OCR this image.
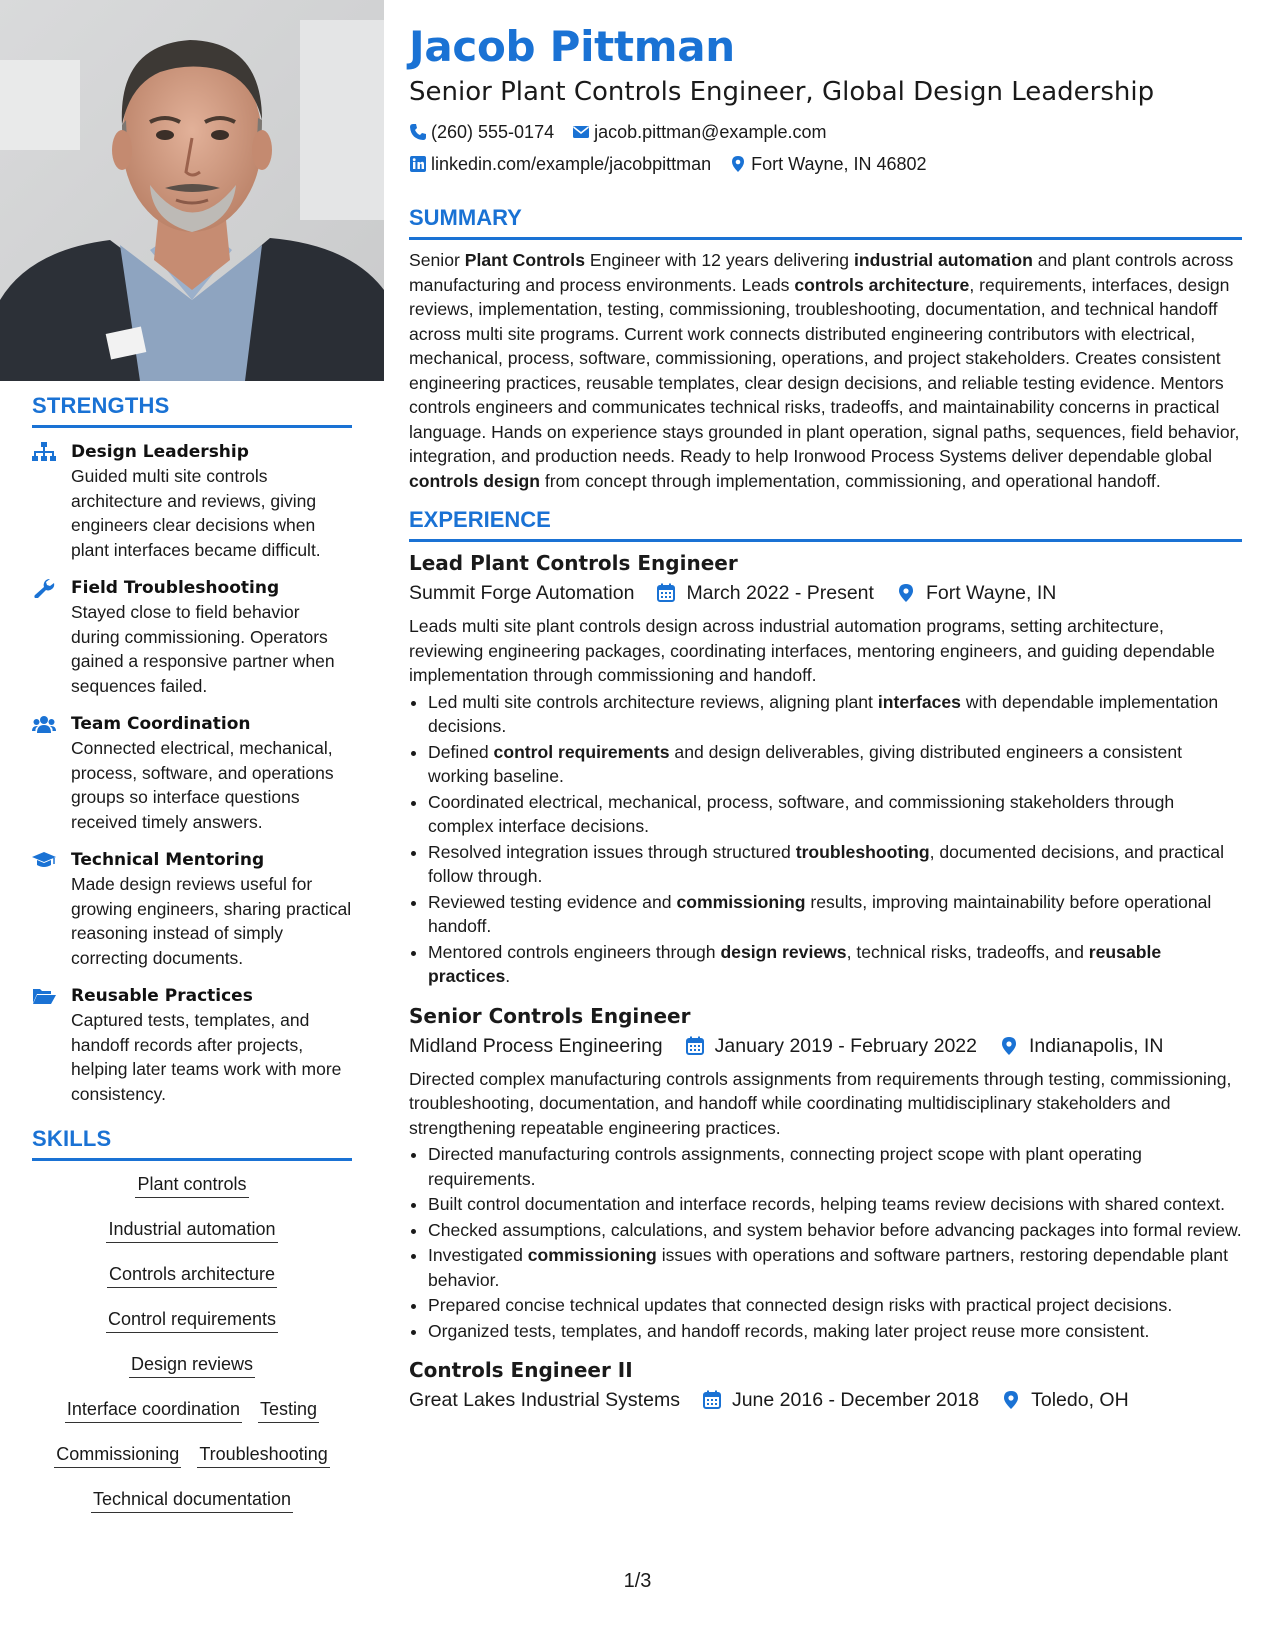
STRENGTHS
Design Leadership
Guided multi site controls architecture and reviews, giving engineers clear decisions when plant interfaces became difficult.
Field Troubleshooting
Stayed close to field behavior during commissioning. Operators gained a responsive partner when sequences failed.
Team Coordination
Connected electrical, mechanical, process, software, and operations groups so interface questions received timely answers.
Technical Mentoring
Made design reviews useful for growing engineers, sharing practical reasoning instead of simply correcting documents.
Reusable Practices
Captured tests, templates, and handoff records after projects, helping later teams work with more consistency.
SKILLS
Plant controls
Industrial automation
Controls architecture
Control requirements
Design reviews
Interface coordination Testing
Commissioning Troubleshooting
Technical documentation
Jacob Pittman
Senior Plant Controls Engineer, Global Design Leadership
(260) 555-0174 jacob.pittman@example.com
linkedin.com/example/jacobpittman Fort Wayne, IN 46802
SUMMARY
Senior Plant Controls Engineer with 12 years delivering industrial automation and plant controls across manufacturing and process environments. Leads controls architecture, requirements, interfaces, design reviews, implementation, testing, commissioning, troubleshooting, documentation, and technical handoff across multi site programs. Current work connects distributed engineering contributors with electrical, mechanical, process, software, commissioning, operations, and project stakeholders. Creates consistent engineering practices, reusable templates, clear design decisions, and reliable testing evidence. Mentors controls engineers and communicates technical risks, tradeoffs, and maintainability concerns in practical language. Hands on experience stays grounded in plant operation, signal paths, sequences, field behavior, integration, and production needs. Ready to help Ironwood Process Systems deliver dependable global controls design from concept through implementation, commissioning, and operational handoff.
EXPERIENCE
Lead Plant Controls Engineer
Summit Forge Automation	March 2022 - Present	Fort Wayne, IN
Leads multi site plant controls design across industrial automation programs, setting architecture, reviewing engineering packages, coordinating interfaces, mentoring engineers, and guiding dependable implementation through commissioning and handoff.
• Led multi site controls architecture reviews, aligning plant interfaces with dependable implementation decisions.
• Defined control requirements and design deliverables, giving distributed engineers a consistent working baseline.
• Coordinated electrical, mechanical, process, software, and commissioning stakeholders through complex interface decisions.
• Resolved integration issues through structured troubleshooting, documented decisions, and practical follow through.
• Reviewed testing evidence and commissioning results, improving maintainability before operational handoff.
• Mentored controls engineers through design reviews, technical risks, tradeoffs, and reusable practices.
Senior Controls Engineer
Midland Process Engineering	January 2019 - February 2022	Indianapolis, IN
Directed complex manufacturing controls assignments from requirements through testing, commissioning, troubleshooting, documentation, and handoff while coordinating multidisciplinary stakeholders and strengthening repeatable engineering practices.
• Directed manufacturing controls assignments, connecting project scope with plant operating requirements.
• Built control documentation and interface records, helping teams review decisions with shared context.
• Checked assumptions, calculations, and system behavior before advancing packages into formal review.
• Investigated commissioning issues with operations and software partners, restoring dependable plant behavior.
• Prepared concise technical updates that connected design risks with practical project decisions.
• Organized tests, templates, and handoff records, making later project reuse more consistent.
Controls Engineer II
Great Lakes Industrial Systems	June 2016 - December 2018	Toledo, OH
1/3
